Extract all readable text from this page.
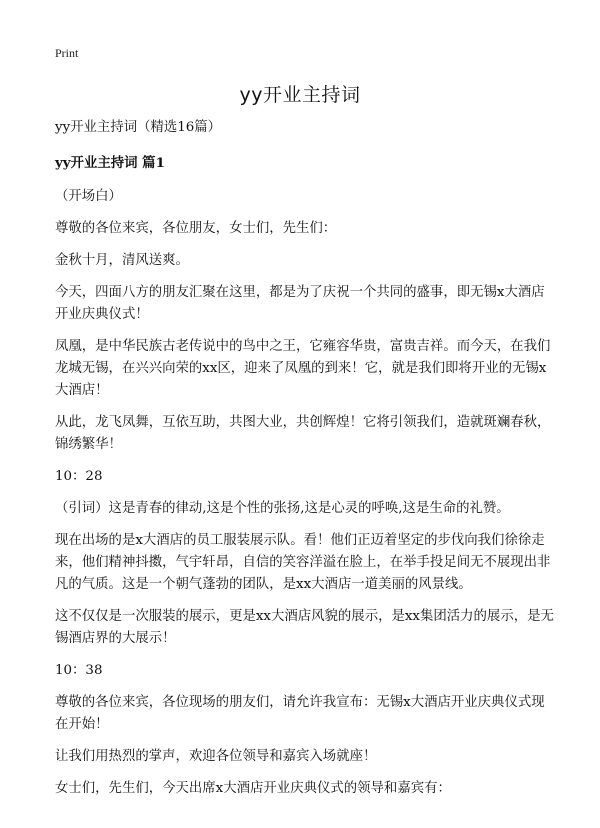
Print
yy开业主持词

yy开业主持词（精选16篇）

yy开业主持词 篇1

（开场白）

尊敬的各位来宾，各位朋友，女士们，先生们：

金秋十月，清风送爽。

今天，四面八方的朋友汇聚在这里，都是为了庆祝一个共同的盛事，即无锡x大酒店开业庆典仪式！

凤凰，是中华民族古老传说中的鸟中之王，它雍容华贵，富贵吉祥。而今天，在我们龙城无锡，在兴兴向荣的xx区，迎来了凤凰的到来！它，就是我们即将开业的无锡x大酒店！

从此，龙飞凤舞，互依互助，共图大业，共创辉煌！它将引领我们，造就斑斓春秋，锦绣繁华！

10：28

（引词）这是青春的律动,这是个性的张扬,这是心灵的呼唤,这是生命的礼赞。

现在出场的是x大酒店的员工服装展示队。看！他们正迈着坚定的步伐向我们徐徐走来，他们精神抖擞，气宇轩昂，自信的笑容洋溢在脸上，在举手投足间无不展现出非凡的气质。这是一个朝气蓬勃的团队，是xx大酒店一道美丽的风景线。

这不仅仅是一次服装的展示，更是xx大酒店风貌的展示，是xx集团活力的展示，是无锡酒店界的大展示！

10：38

尊敬的各位来宾，各位现场的朋友们，请允许我宣布：无锡x大酒店开业庆典仪式现在开始！

让我们用热烈的掌声，欢迎各位领导和嘉宾入场就座！

女士们，先生们，今天出席x大酒店开业庆典仪式的领导和嘉宾有：
